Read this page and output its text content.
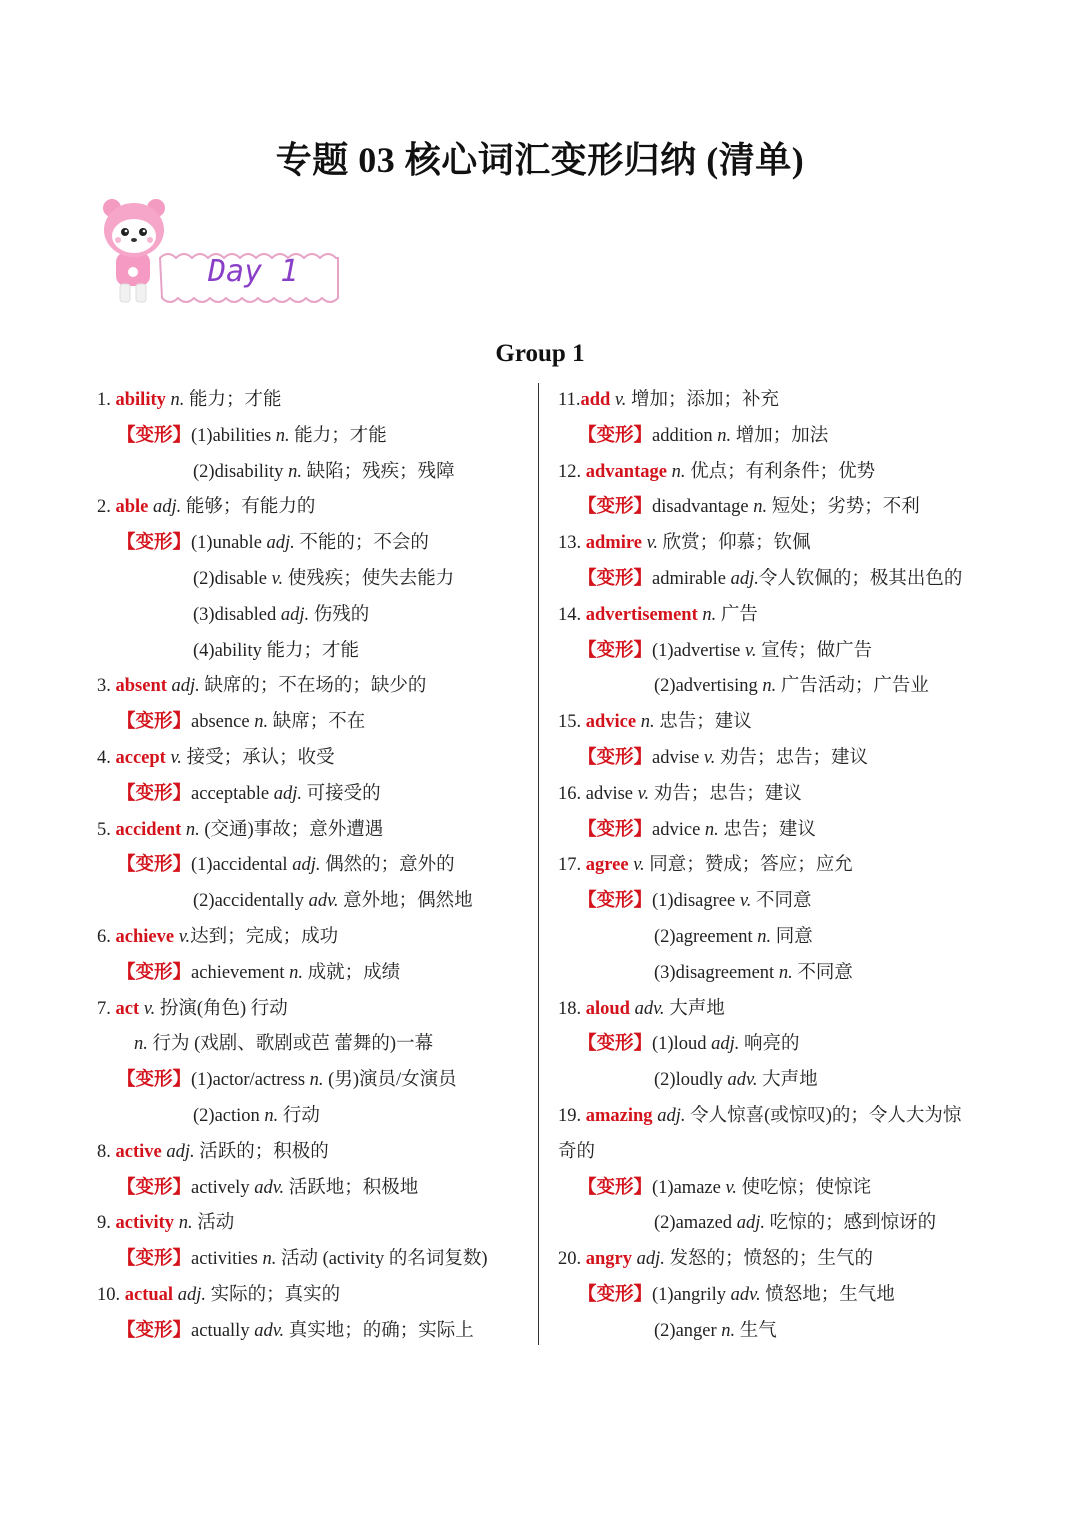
专题 03 核心词汇变形归纳 (清单)
Day 1
Group 1
1. ability n. 能力；才能
【变形】(1)abilities n. 能力；才能
(2)disability n. 缺陷；残疾；残障
2. able adj. 能够；有能力的
【变形】(1)unable adj. 不能的；不会的
(2)disable v. 使残疾；使失去能力
(3)disabled adj. 伤残的
(4)ability 能力；才能
3. absent adj. 缺席的；不在场的；缺少的
【变形】absence n. 缺席；不在
4. accept v. 接受；承认；收受
【变形】acceptable adj. 可接受的
5. accident n. (交通)事故；意外遭遇
【变形】(1)accidental adj. 偶然的；意外的
(2)accidentally adv. 意外地；偶然地
6. achieve v.达到；完成；成功
【变形】achievement n. 成就；成绩
7. act v. 扮演(角色) 行动
n. 行为 (戏剧、歌剧或芭 蕾舞的)一幕
【变形】(1)actor/actress n. (男)演员/女演员
(2)action n. 行动
8. active adj. 活跃的；积极的
【变形】actively adv. 活跃地；积极地
9. activity n. 活动
【变形】activities n. 活动 (activity 的名词复数)
10. actual adj. 实际的；真实的
【变形】actually adv. 真实地；的确；实际上
11.add v. 增加；添加；补充
【变形】addition n. 增加；加法
12. advantage n. 优点；有利条件；优势
【变形】disadvantage n. 短处；劣势；不利
13. admire v. 欣赏；仰慕；钦佩
【变形】admirable adj.令人钦佩的；极其出色的
14. advertisement n. 广告
【变形】(1)advertise v. 宣传；做广告
(2)advertising n. 广告活动；广告业
15. advice n. 忠告；建议
【变形】advise v. 劝告；忠告；建议
16. advise v. 劝告；忠告；建议
【变形】advice n. 忠告；建议
17. agree v. 同意；赞成；答应；应允
【变形】(1)disagree v. 不同意
(2)agreement n. 同意
(3)disagreement n. 不同意
18. aloud adv. 大声地
【变形】(1)loud adj. 响亮的
(2)loudly adv. 大声地
19. amazing adj. 令人惊喜(或惊叹)的；令人大为惊
奇的
【变形】(1)amaze v. 使吃惊；使惊诧
(2)amazed adj. 吃惊的；感到惊讶的
20. angry adj. 发怒的；愤怒的；生气的
【变形】(1)angrily adv. 愤怒地；生气地
(2)anger n. 生气
